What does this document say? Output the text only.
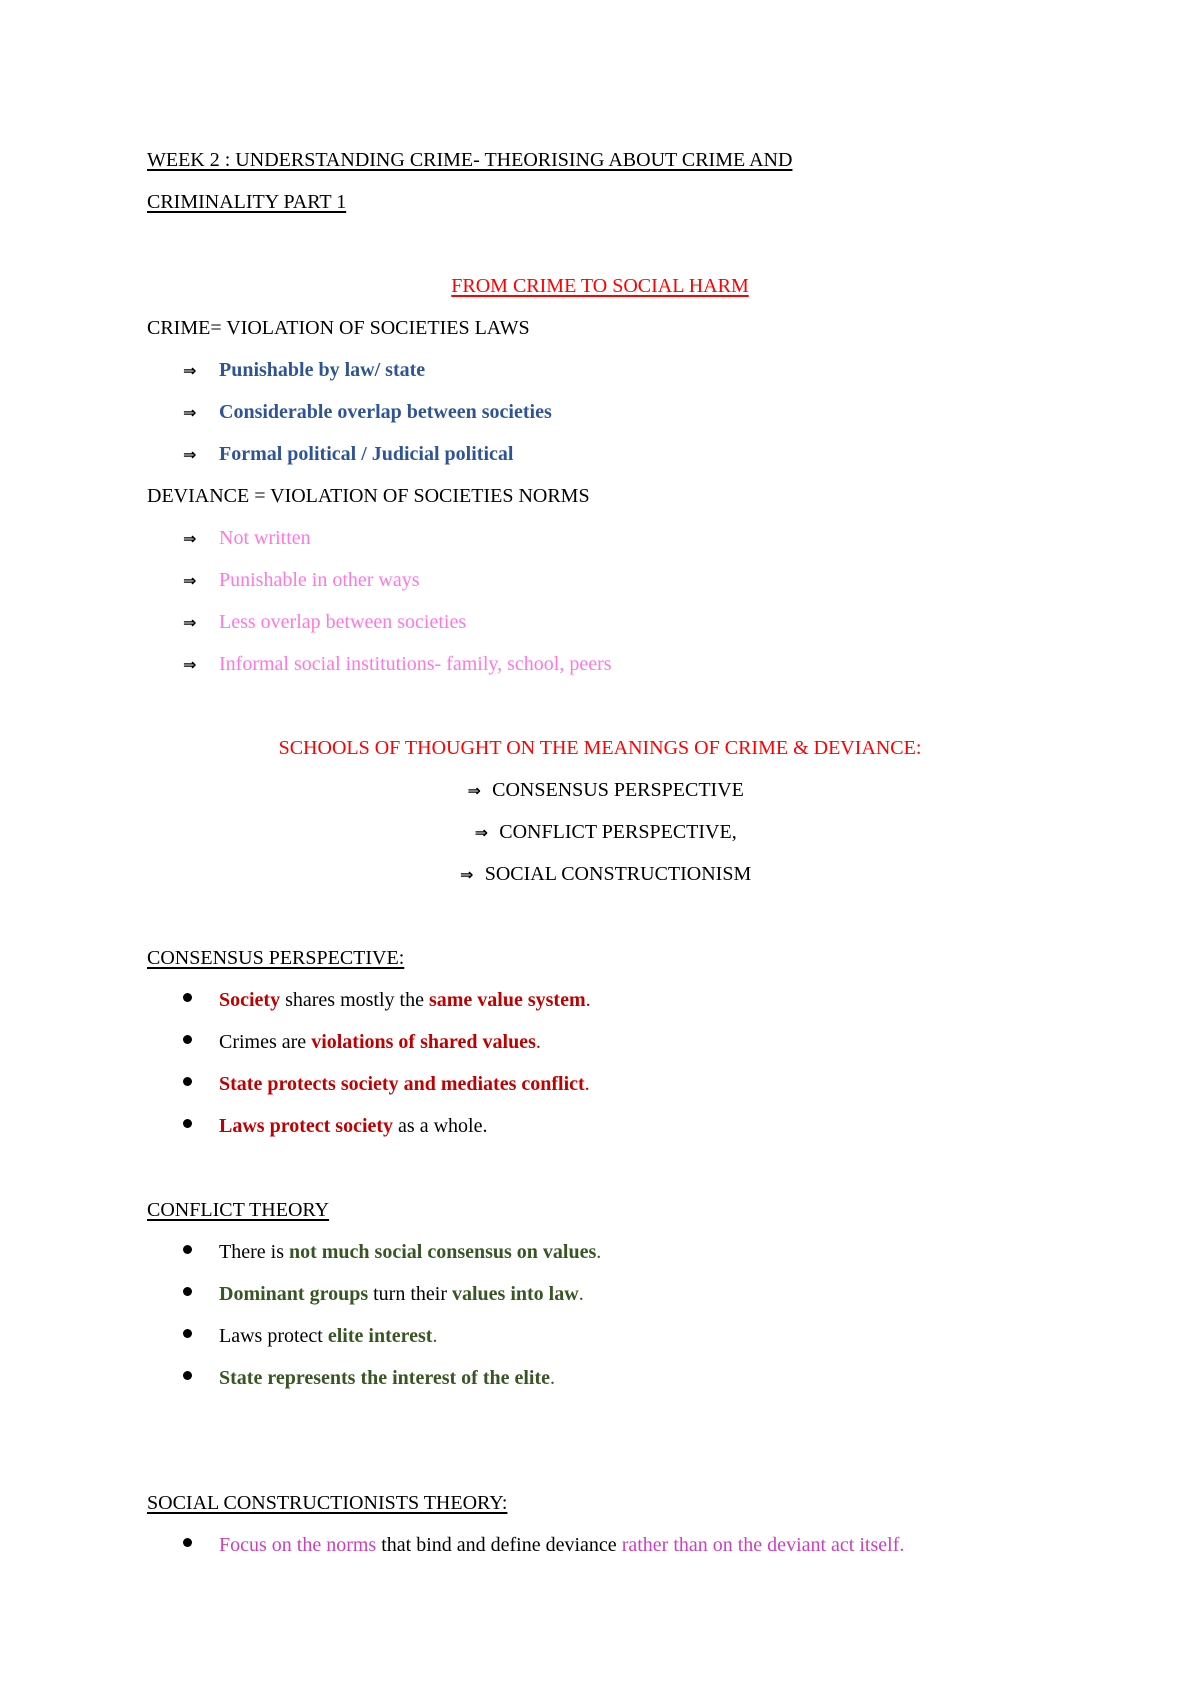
WEEK 2 : UNDERSTANDING CRIME- THEORISING ABOUT CRIME AND
CRIMINALITY PART 1
FROM CRIME TO SOCIAL HARM
CRIME= VIOLATION OF SOCIETIES LAWS
⇒ Punishable by law/ state
⇒ Considerable overlap between societies
⇒ Formal political / Judicial political
DEVIANCE = VIOLATION OF SOCIETIES NORMS
⇒ Not written
⇒ Punishable in other ways
⇒ Less overlap between societies
⇒ Informal social institutions- family, school, peers
SCHOOLS OF THOUGHT ON THE MEANINGS OF CRIME & DEVIANCE:
⇒ CONSENSUS PERSPECTIVE
⇒ CONFLICT PERSPECTIVE,
⇒ SOCIAL CONSTRUCTIONISM
CONSENSUS PERSPECTIVE:
Society shares mostly the same value system.
Crimes are violations of shared values.
State protects society and mediates conflict.
Laws protect society as a whole.
CONFLICT THEORY
There is not much social consensus on values.
Dominant groups turn their values into law.
Laws protect elite interest.
State represents the interest of the elite.
SOCIAL CONSTRUCTIONISTS THEORY:
Focus on the norms that bind and define deviance rather than on the deviant act itself.
